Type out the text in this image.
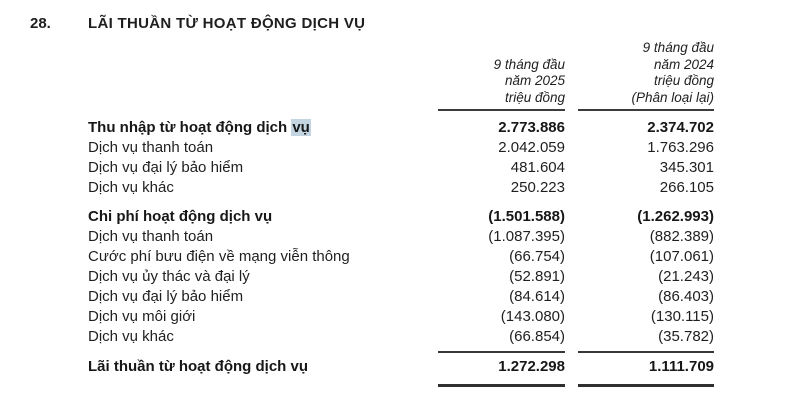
28.	LÃI THUẦN TỪ HOẠT ĐỘNG DỊCH VỤ
9 tháng đầu
năm 2025
triệu đồng
9 tháng đầu
năm 2024
triệu đồng
(Phân loại lại)
Thu nhập từ hoạt động dịch vụ	2.773.886	2.374.702
Dịch vụ thanh toán	2.042.059	1.763.296
Dịch vụ đại lý bảo hiểm	481.604	345.301
Dịch vụ khác	250.223	266.105
Chi phí hoạt động dịch vụ	(1.501.588)	(1.262.993)
Dịch vụ thanh toán	(1.087.395)	(882.389)
Cước phí bưu điện về mạng viễn thông	(66.754)	(107.061)
Dịch vụ ủy thác và đại lý	(52.891)	(21.243)
Dịch vụ đại lý bảo hiểm	(84.614)	(86.403)
Dịch vụ môi giới	(143.080)	(130.115)
Dịch vụ khác	(66.854)	(35.782)
Lãi thuần từ hoạt động dịch vụ	1.272.298	1.111.709
